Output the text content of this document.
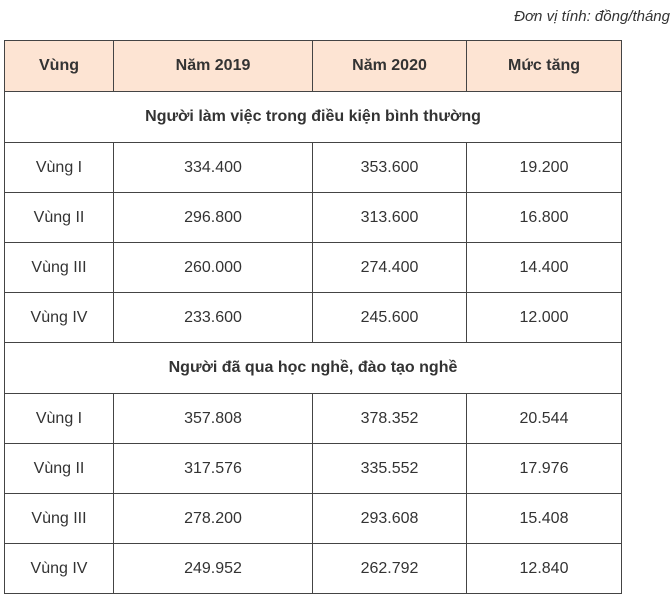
Đơn vị tính: đồng/tháng
Vùng	Năm 2019	Năm 2020	Mức tăng
Người làm việc trong điều kiện bình thường			
Vùng I	334.400	353.600	19.200
Vùng II	296.800	313.600	16.800
Vùng III	260.000	274.400	14.400
Vùng IV	233.600	245.600	12.000
Người đã qua học nghề, đào tạo nghề			
Vùng I	357.808	378.352	20.544
Vùng II	317.576	335.552	17.976
Vùng III	278.200	293.608	15.408
Vùng IV	249.952	262.792	12.840
